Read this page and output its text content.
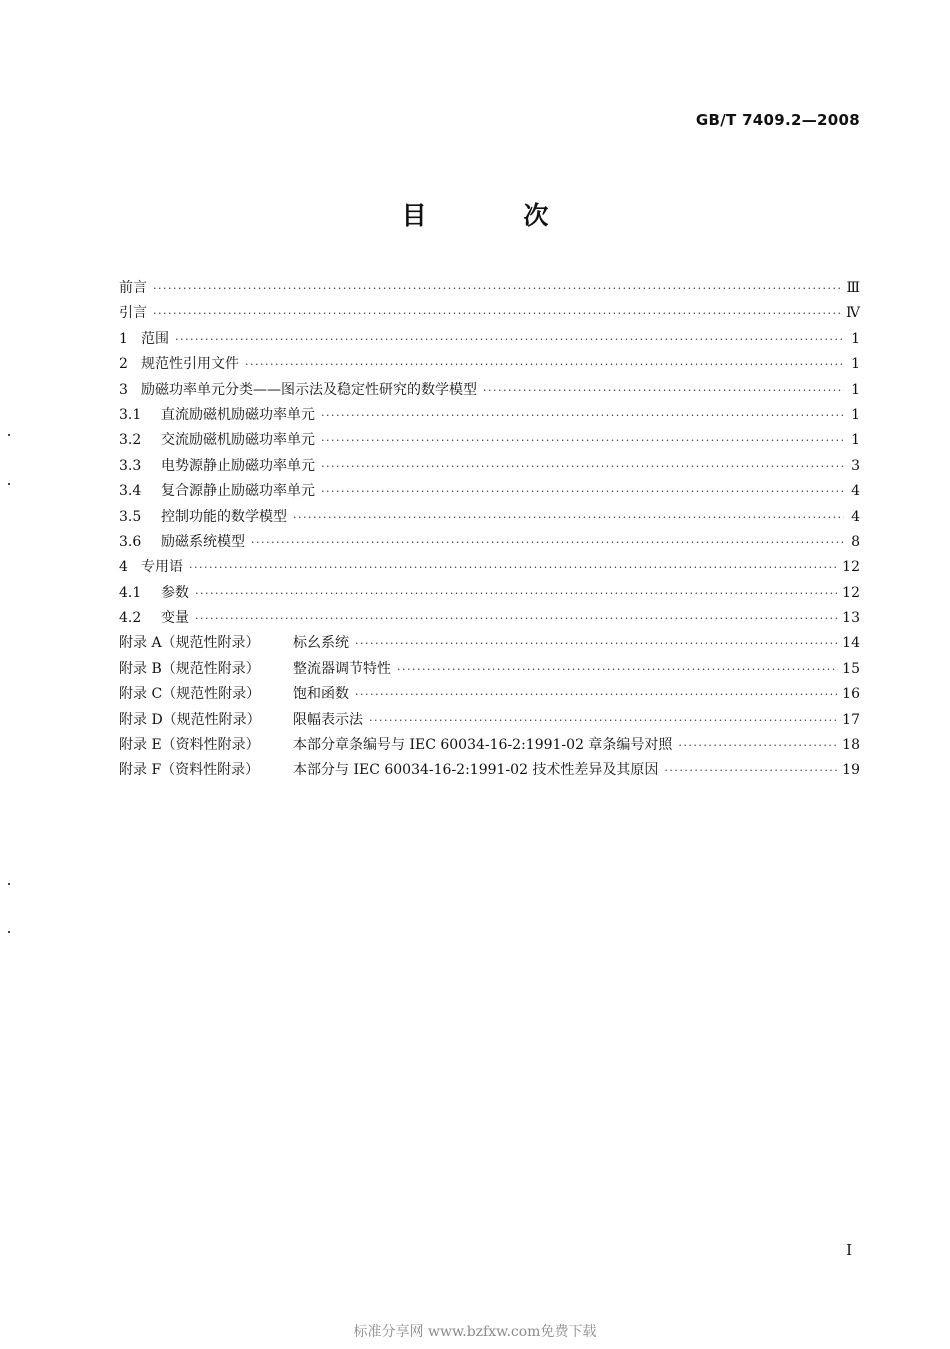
GB/T 7409.2—2008
目 次
前言 ·····	Ⅲ
引言 ·····	Ⅳ
1 范围 ·····	1
2 规范性引用文件 ·····	1
3 励磁功率单元分类——图示法及稳定性研究的数学模型 ·····	1
3.1	直流励磁机励磁功率单元 ·····	1
3.2	交流励磁机励磁功率单元 ·····	1
3.3	电势源静止励磁功率单元 ·····	3
3.4	复合源静止励磁功率单元 ·····	4
3.5	控制功能的数学模型 ·····	4
3.6	励磁系统模型 ·····	8
4 专用语 ·····	12
4.1	参数 ·····	12
4.2	变量 ·····	13
附录 A（规范性附录）	标幺系统 ·····	14
附录 B（规范性附录）	整流器调节特性 ·····	15
附录 C（规范性附录）	饱和函数 ·····	16
附录 D（规范性附录）	限幅表示法 ·····	17
附录 E（资料性附录）	本部分章条编号与 IEC 60034-16-2:1991-02 章条编号对照 ·····	18
附录 F（资料性附录）	本部分与 IEC 60034-16-2:1991-02 技术性差异及其原因 ·····	19
I
标准分享网 www.bzfxw.com免费下载
